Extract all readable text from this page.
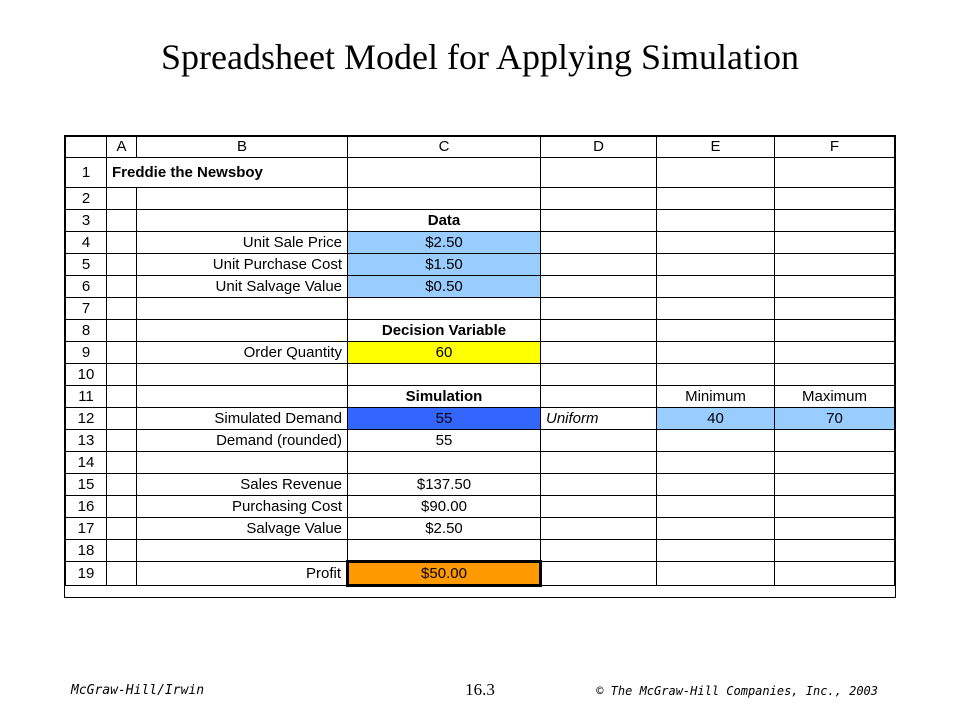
Spreadsheet Model for Applying Simulation
	A	B	C	D	E	F
1	Freddie the Newsboy					
2						
3			Data			
4		Unit Sale Price	$2.50			
5		Unit Purchase Cost	$1.50			
6		Unit Salvage Value	$0.50			
7						
8			Decision Variable			
9		Order Quantity	60			
10						
11			Simulation		Minimum	Maximum
12		Simulated Demand	55	Uniform	40	70
13		Demand (rounded)	55			
14						
15		Sales Revenue	$137.50			
16		Purchasing Cost	$90.00			
17		Salvage Value	$2.50			
18						
19		Profit	$50.00			
McGraw-Hill/Irwin	16.3	© The McGraw-Hill Companies, Inc., 2003
